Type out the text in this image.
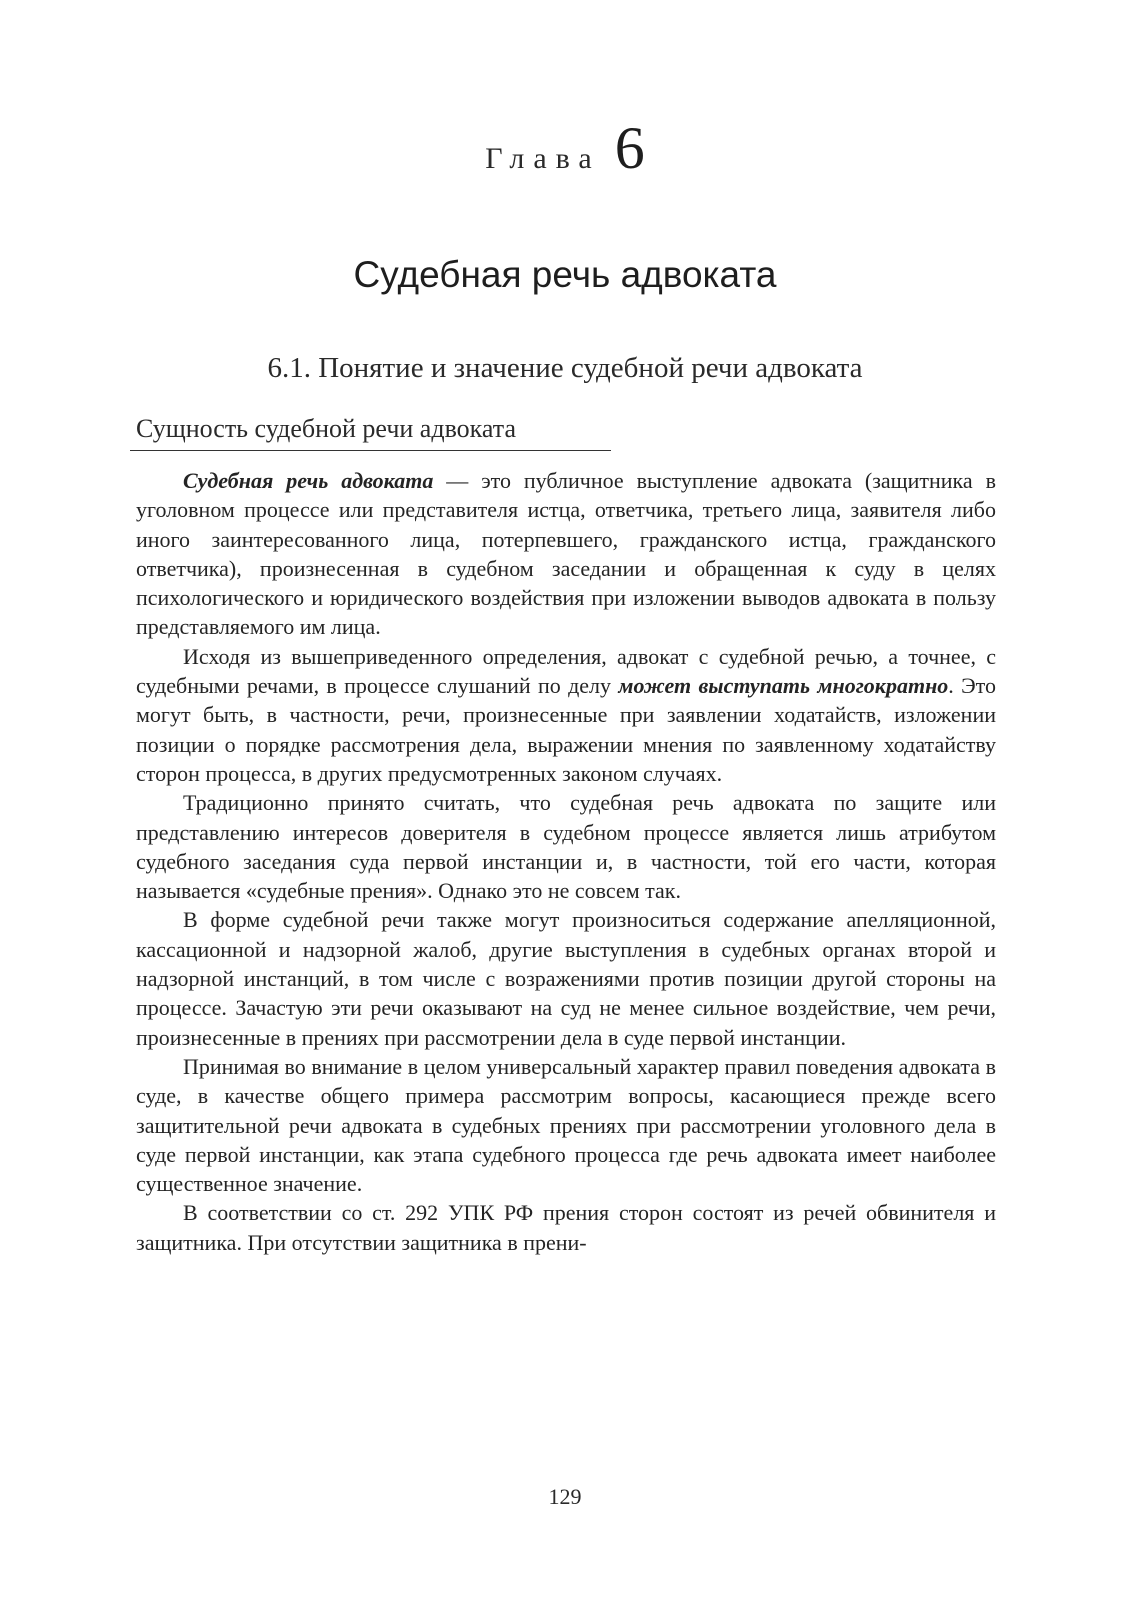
Глава 6
Судебная речь адвоката
6.1. Понятие и значение судебной речи адвоката
Сущность судебной речи адвоката

Судебная речь адвоката — это публичное выступление адвоката (защитника в уголовном процессе или представителя истца, ответчика, третьего лица, заявителя либо иного заинтересованного лица, потерпевшего, гражданского истца, гражданского ответчика), произнесенная в судебном заседании и обращенная к суду в целях психологического и юридического воздействия при изложении выводов адвоката в пользу представляемого им лица.

Исходя из вышеприведенного определения, адвокат с судебной речью, а точнее, с судебными речами, в процессе слушаний по делу может выступать многократно. Это могут быть, в частности, речи, произнесенные при заявлении ходатайств, изложении позиции о порядке рассмотрения дела, выражении мнения по заявленному ходатайству сторон процесса, в других предусмотренных законом случаях.

Традиционно принято считать, что судебная речь адвоката по защите или представлению интересов доверителя в судебном процессе является лишь атрибутом судебного заседания суда первой инстанции и, в частности, той его части, которая называется «судебные прения». Однако это не совсем так.

В форме судебной речи также могут произноситься содержание апелляционной, кассационной и надзорной жалоб, другие выступления в судебных органах второй и надзорной инстанций, в том числе с возражениями против позиции другой стороны на процессе. Зачастую эти речи оказывают на суд не менее сильное воздействие, чем речи, произнесенные в прениях при рассмотрении дела в суде первой инстанции.

Принимая во внимание в целом универсальный характер правил поведения адвоката в суде, в качестве общего примера рассмотрим вопросы, касающиеся прежде всего защитительной речи адвоката в судебных прениях при рассмотрении уголовного дела в суде первой инстанции, как этапа судебного процесса где речь адвоката имеет наиболее существенное значение.

В соответствии со ст. 292 УПК РФ прения сторон состоят из речей обвинителя и защитника. При отсутствии защитника в прени-

129
